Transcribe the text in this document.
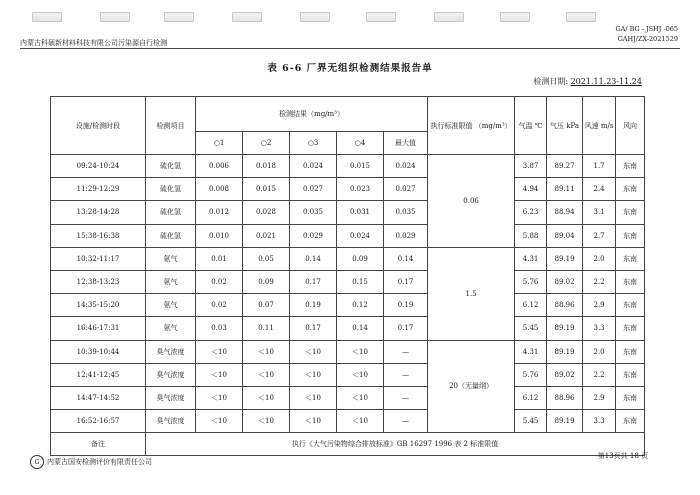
内蒙古科硕新材料科技有限公司污染源自行检测
GA/ BG - JSHJ -065
GAHJ/ZX-2021529
表 6-6 厂界无组织检测结果报告单
检测日期: 2021.11.23-11.24
设施/检测时段	检测项目	检测结果（mg/m³）					执行标准限值 （mg/m³）	气温 ℃	气压 kPa	风速 m/s	风向
		○1	○2	○3	○4	最大值					
09:24-10:24	硫化氢	0.006	0.018	0.024	0.015	0.024	0.06	3.87	89.27	1.7	东南
11:29-12:29	硫化氢	0.008	0.015	0.027	0.023	0.027		4.94	89.11	2.4	东南
13:28-14:28	硫化氢	0.012	0.028	0.035	0.031	0.035		6.23	88.94	3.1	东南
15:38-16:38	硫化氢	0.010	0.021	0.029	0.024	0.029		5.88	89.04	2.7	东南
10:32-11:17	氨气	0.01	0.05	0.14	0.09	0.14	1.5	4.31	89.19	2.0	东南
12:38-13:23	氨气	0.02	0.09	0.17	0.15	0.17		5.76	89.02	2.2	东南
14:35-15:20	氨气	0.02	0.07	0.19	0.12	0.19		6.12	88.96	2.9	东南
16:46-17:31	氨气	0.03	0.11	0.17	0.14	0.17		5.45	89.19	3.3	东南
10:39-10:44	臭气浓度	＜10	＜10	＜10	＜10	—	20（无量纲）	4.31	89.19	2.0	东南
12:41-12:45	臭气浓度	＜10	＜10	＜10	＜10	—		5.76	89.02	2.2	东南
14:47-14:52	臭气浓度	＜10	＜10	＜10	＜10	—		6.12	88.96	2.9	东南
16:52-16:57	臭气浓度	＜10	＜10	＜10	＜10	—		5.45	89.19	3.3	东南
备注	执行《大气污染物综合排放标准》GB 16297 1996 表 2 标准限值										
G	内蒙古国安检测评价有限责任公司
第13页共 18 页
